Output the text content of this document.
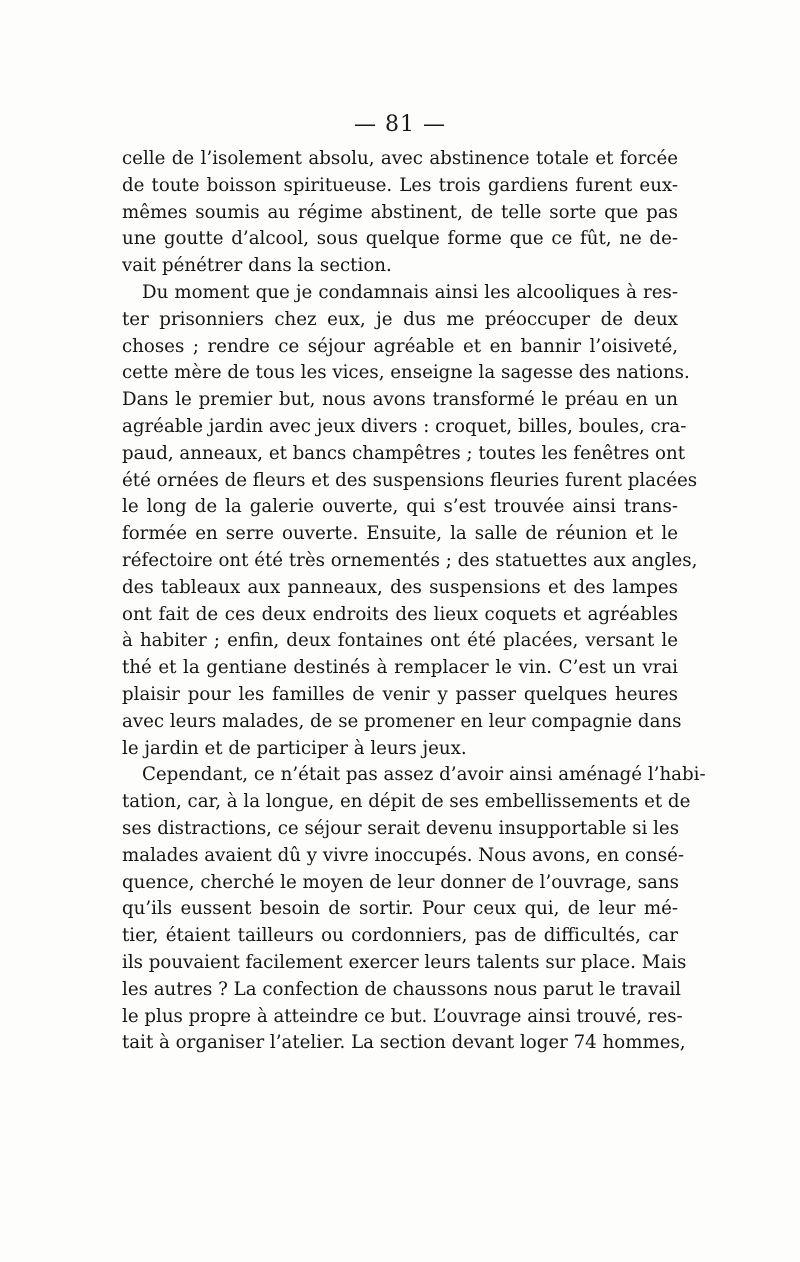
— 81 —
celle de l’isolement absolu, avec abstinence totale et forcée
de toute boisson spiritueuse. Les trois gardiens furent eux-
mêmes soumis au régime abstinent, de telle sorte que pas
une goutte d’alcool, sous quelque forme que ce fût, ne de-
vait pénétrer dans la section.
Du moment que je condamnais ainsi les alcooliques à res-
ter prisonniers chez eux, je dus me préoccuper de deux
choses ; rendre ce séjour agréable et en bannir l’oisiveté,
cette mère de tous les vices, enseigne la sagesse des nations.
Dans le premier but, nous avons transformé le préau en un
agréable jardin avec jeux divers : croquet, billes, boules, cra-
paud, anneaux, et bancs champêtres ; toutes les fenêtres ont
été ornées de fleurs et des suspensions fleuries furent placées
le long de la galerie ouverte, qui s’est trouvée ainsi trans-
formée en serre ouverte. Ensuite, la salle de réunion et le
réfectoire ont été très ornementés ; des statuettes aux angles,
des tableaux aux panneaux, des suspensions et des lampes
ont fait de ces deux endroits des lieux coquets et agréables
à habiter ; enfin, deux fontaines ont été placées, versant le
thé et la gentiane destinés à remplacer le vin. C’est un vrai
plaisir pour les familles de venir y passer quelques heures
avec leurs malades, de se promener en leur compagnie dans
le jardin et de participer à leurs jeux.
Cependant, ce n’était pas assez d’avoir ainsi aménagé l’habi-
tation, car, à la longue, en dépit de ses embellissements et de
ses distractions, ce séjour serait devenu insupportable si les
malades avaient dû y vivre inoccupés. Nous avons, en consé-
quence, cherché le moyen de leur donner de l’ouvrage, sans
qu’ils eussent besoin de sortir. Pour ceux qui, de leur mé-
tier, étaient tailleurs ou cordonniers, pas de difficultés, car
ils pouvaient facilement exercer leurs talents sur place. Mais
les autres ? La confection de chaussons nous parut le travail
le plus propre à atteindre ce but. L’ouvrage ainsi trouvé, res-
tait à organiser l’atelier. La section devant loger 74 hommes,
